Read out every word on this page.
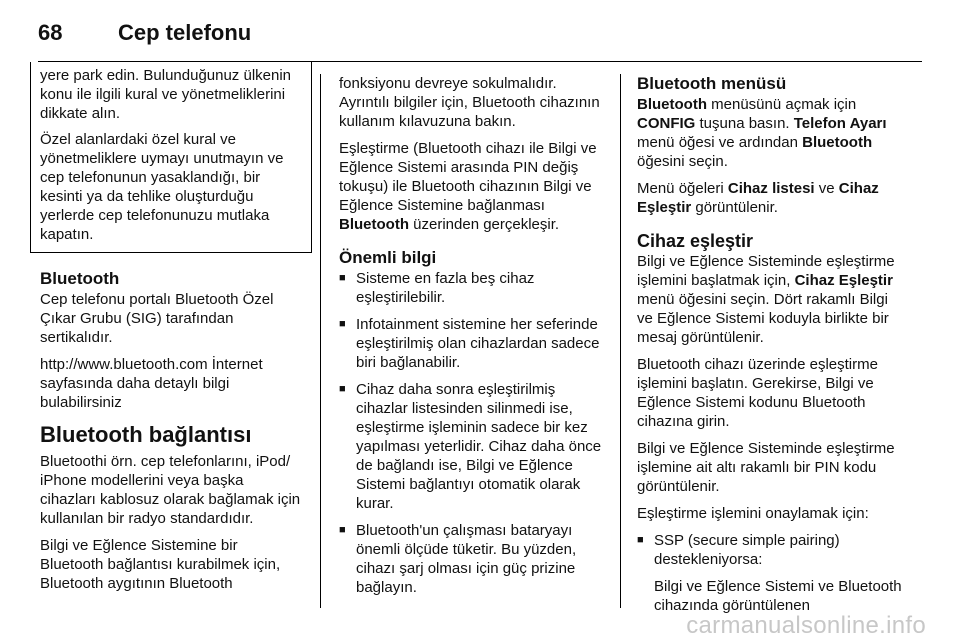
68	Cep telefonu

yere park edin. Bulunduğunuz ülkenin konu ile ilgili kural ve yönetmeliklerini dikkate alın.

Özel alanlardaki özel kural ve yönetmeliklere uymayı unutmayın ve cep telefonunun yasaklandığı, bir kesinti ya da tehlike oluşturduğu yerlerde cep telefonunuzu mutlaka kapatın.

Bluetooth

Cep telefonu portalı Bluetooth Özel Çıkar Grubu (SIG) tarafından sertikalıdır.

http://www.bluetooth.com İnternet sayfasında daha detaylı bilgi bulabilirsiniz

Bluetooth bağlantısı

Bluetoothi örn. cep telefonlarını, iPod/ iPhone modellerini veya başka cihazları kablosuz olarak bağlamak için kullanılan bir radyo standardıdır.

Bilgi ve Eğlence Sistemine bir Bluetooth bağlantısı kurabilmek için, Bluetooth aygıtının Bluetooth

fonksiyonu devreye sokulmalıdır. Ayrıntılı bilgiler için, Bluetooth cihazının kullanım kılavuzuna bakın.

Eşleştirme (Bluetooth cihazı ile Bilgi ve Eğlence Sistemi arasında PIN değiş tokuşu) ile Bluetooth cihazının Bilgi ve Eğlence Sistemine bağlanması Bluetooth üzerinden gerçekleşir.

Önemli bilgi
■ Sisteme en fazla beş cihaz eşleştirilebilir.
■ Infotainment sistemine her seferinde eşleştirilmiş olan cihazlardan sadece biri bağlanabilir.
■ Cihaz daha sonra eşleştirilmiş cihazlar listesinden silinmedi ise, eşleştirme işleminin sadece bir kez yapılması yeterlidir. Cihaz daha önce de bağlandı ise, Bilgi ve Eğlence Sistemi bağlantıyı otomatik olarak kurar.
■ Bluetooth'un çalışması bataryayı önemli ölçüde tüketir. Bu yüzden, cihazı şarj olması için güç prizine bağlayın.
Bluetooth menüsü

Bluetooth menüsünü açmak için CONFIG tuşuna basın. Telefon Ayarı menü öğesi ve ardından Bluetooth öğesini seçin.

Menü öğeleri Cihaz listesi ve Cihaz Eşleştir görüntülenir.

Cihaz eşleştir

Bilgi ve Eğlence Sisteminde eşleştirme işlemini başlatmak için, Cihaz Eşleştir menü öğesini seçin. Dört rakamlı Bilgi ve Eğlence Sistemi koduyla birlikte bir mesaj görüntülenir.

Bluetooth cihazı üzerinde eşleştirme işlemini başlatın. Gerekirse, Bilgi ve Eğlence Sistemi kodunu Bluetooth cihazına girin.

Bilgi ve Eğlence Sisteminde eşleştirme işlemine ait altı rakamlı bir PIN kodu görüntülenir.

Eşleştirme işlemini onaylamak için:

■ SSP (secure simple pairing) destekleniyorsa:

Bilgi ve Eğlence Sistemi ve Bluetooth cihazında görüntülenen
carmanualsonline.info
